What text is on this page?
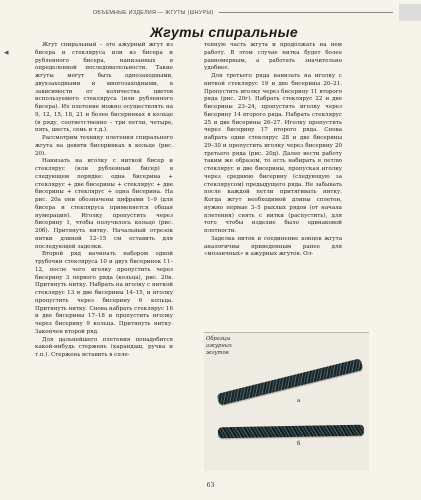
ОБЪЕМНЫЕ ИЗДЕЛИЯ — ЖГУТЫ (ШНУРЫ)
◂
Жгуты спиральные

Жгут спиральный – это ажурный жгут из бисера и стекляруса или из бисера и рубленного бисера, нанизанных в определенной последовательности. Такие жгуты могут быть однозаходными, двухзаходными и многозаходными, в зависимости от количества цветов используемого стекляруса (или рубленного бисера). Их плетение можно осуществлять на 9, 12, 15, 18, 21 и более бисеринках в кольце (в ряду, соответственно – три петли, четыре, пять, шесть, семь и т.д.).

Рассмотрим технику плетения спирального жгута на девяти бисеринках в кольце (рис. 20).

Нанизать на иголку с ниткой бисер и стеклярус (или рубленный бисер) в следующем порядке: одна бисерина + стеклярус + две бисерины + стеклярус + две бисерины + стеклярус + одна бисерина. На рис. 20а они обозначены цифрами 1–9 (для бисера и стекляруса применяется общая нумерация). Иголку пропустить через бисерину 1, чтобы получилось кольцо (рис. 20б). Притянуть нитку. Начальный отрезок нитки длиной 12–15 см оставить для последующей заделки.

Второй ряд начинать набором одной трубочки стекляруса 10 и двух бисеринок 11–12, после чего иголку пропустить через бисерину 3 первого ряда (кольца), рис. 20в. Притянуть нитку. Набрать на иголку с ниткой стеклярус 13 и две бисерины 14–15, и иголку пропустить через бисерину 6 кольца. Притянуть нитку. Снова набрать стеклярус 16 и две бисерины 17–18 и пропустить иголку через бисерину 9 кольца. Притянуть нитку. Закончен второй ряд.

Для дальнейшего плетения понадобится какой-нибудь стержень (карандаш, ручка и т.п.). Стержень вставить в спле-

тенную часть жгута и продолжать на нем работу. В этом случае нитка будет более равномерным, а работать значительно удобнее.

Для третьего ряда нанизать на иголку с ниткой стеклярус 19 и две бисерины 20–21. Пропустить иголку через бисерину 11 второго ряда (рис. 20г). Набрать стеклярус 22 и две бисерины 23–24, пропустить иголку через бисерину 14 второго ряда. Набрать стеклярус 25 и две бисерины 26–27. Иголку пропустить через бисерину 17 второго ряда. Снова набрать один стеклярус 28 и две бисерины 29–30 и пропустить иголку через бисерину 20 третьего ряда (рис. 20д). Далее вести работу таким же образом, то есть набирать в петлю стеклярус и две бисерины, пропуская иголку через среднюю бисерину (следующую за стеклярусом) предыдущего ряда. Не забывать после каждой петли притягивать нитку. Когда жгут необходимой длины сплетен, нужно первые 3–5 рыхлых рядов (от начала плетения) снять с нитки (распустить), для того чтобы изделие было одинаковой плотности.

Заделка ниток и соединение концов жгута аналогичны приведенным ранее для «мозаичных» и ажурных жгутов. Ол-

Образцы ажурных жгутов
а
б
63
